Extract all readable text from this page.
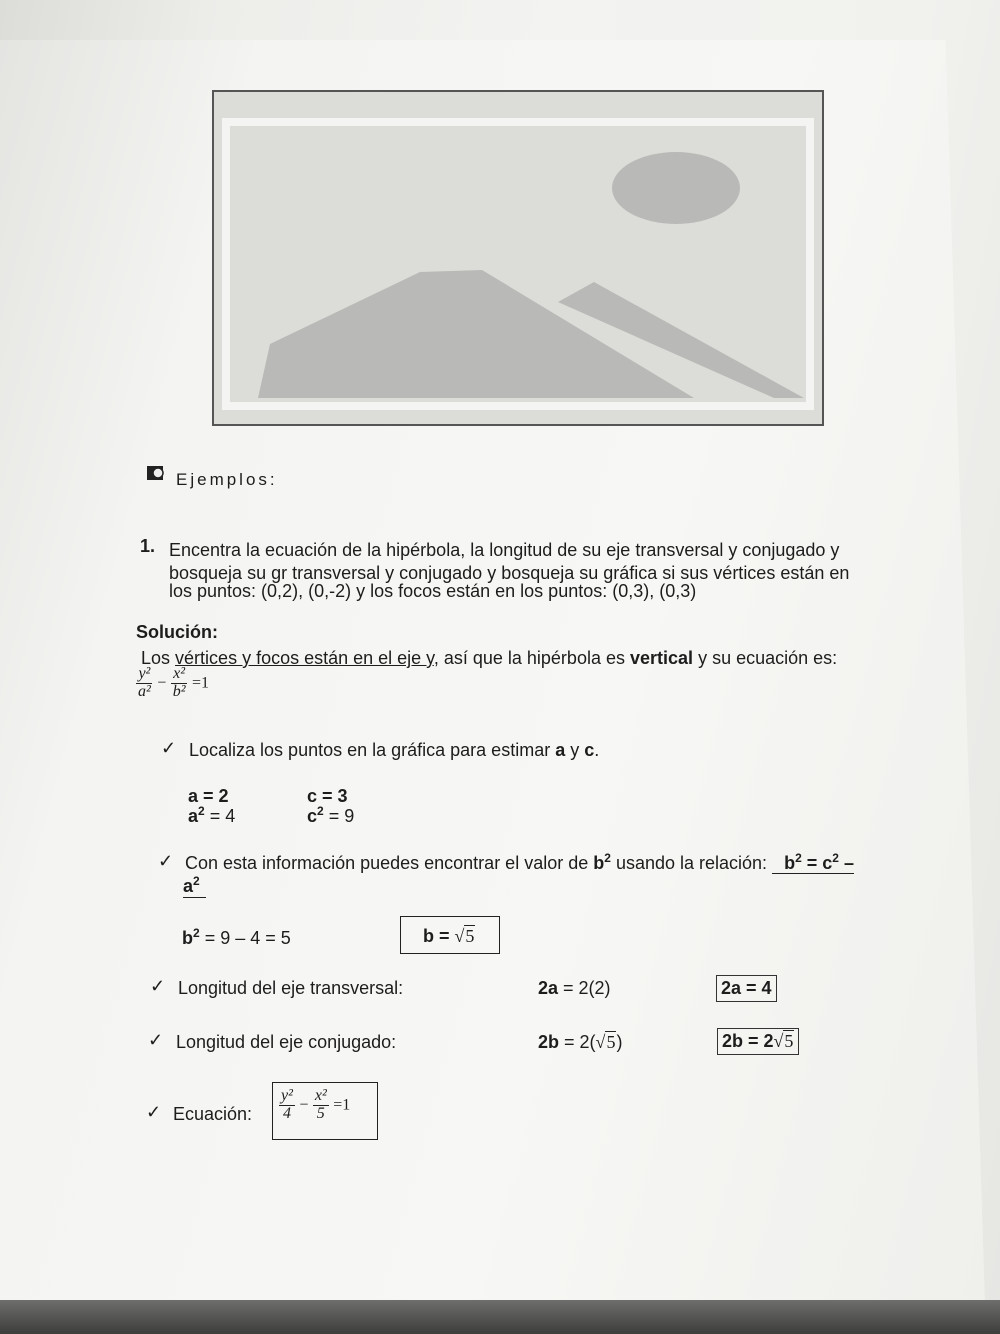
Ejemplos:
1. Encentra la ecuación de la hipérbola, la longitud de su eje transversal y conjugado y
bosqueja su gr transversal y conjugado y bosqueja su gráfica si sus vértices están en
los puntos: (0,2), (0,-2) y los focos están en los puntos: (0,3), (0,3)
Solución:
Los vértices y focos están en el eje y, así que la hipérbola es vertical y su ecuación es:
$\frac{\text{y²}}{\text{a²}} - \frac{\text{x²}}{\text{b²}} =1$
✓ Localiza los puntos en la gráfica para estimar a y c.
a = 2	c = 3
$a^2 = 4$	$c^2 = 9$
✓ Con esta información puedes encontrar el valor de $b^2$ usando la relación: $b^2 = c^2$ –
$a^2$
$b^2 = 9 - 4 = 5$	b = √5
✓ Longitud del eje transversal:	2a = 2(2)	2a = 4
✓ Longitud del eje conjugado:	2b = 2(√5)	2b = 2√5
✓ Ecuación: $\frac{\text{y²}}{4} - \frac{\text{x²}}{5} =1$
